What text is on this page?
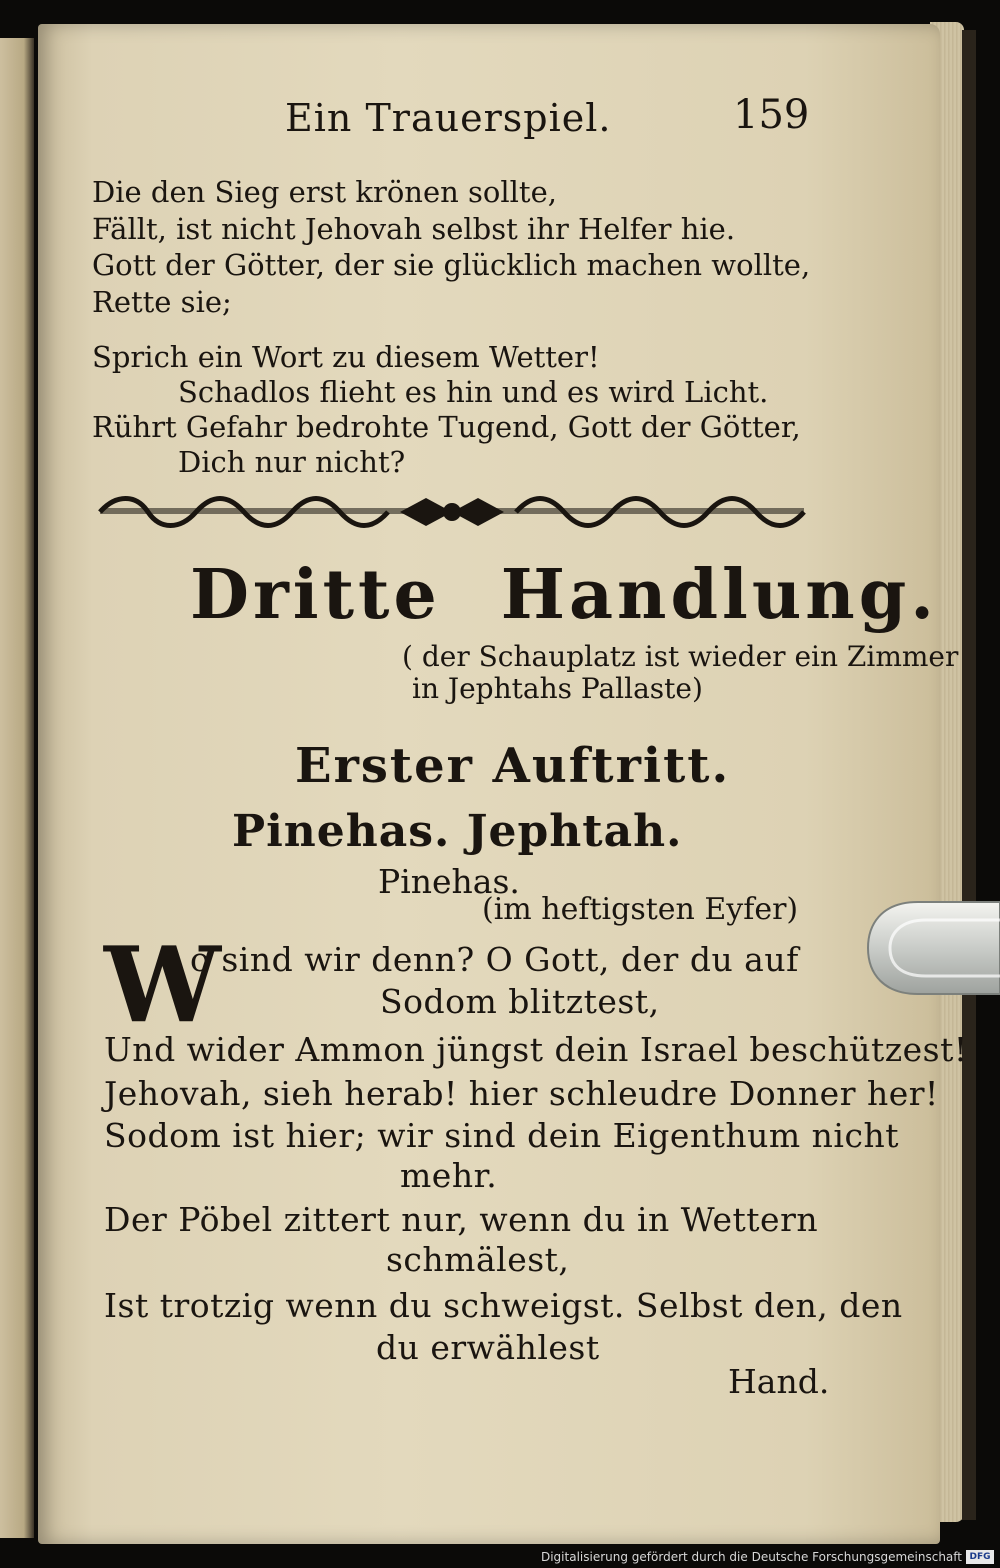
Ein Trauerspiel.	159
Die den Sieg erst krönen sollte,
Fällt, ist nicht Jehovah selbst ihr Helfer hie.
Gott der Götter, der sie glücklich machen wollte,
Rette sie;
Sprich ein Wort zu diesem Wetter!
Schadlos flieht es hin und es wird Licht.
Rührt Gefahr bedrohte Tugend, Gott der Götter,
Dich nur nicht?
Dritte Handlung.
( der Schauplatz ist wieder ein Zimmer
in Jephtahs Pallaste)
Erster Auftritt.
Pinehas. Jephtah.
Pinehas.
(im heftigsten Eyfer)
W
o sind wir denn? O Gott, der du auf
Sodom blitztest,
Und wider Ammon jüngst dein Israel beschützest!
Jehovah, sieh herab! hier schleudre Donner her!
Sodom ist hier; wir sind dein Eigenthum nicht
mehr.
Der Pöbel zittert nur, wenn du in Wettern
schmälest,
Ist trotzig wenn du schweigst. Selbst den, den
du erwählest
Hand.
Digitalisierung gefördert durch die Deutsche Forschungsgemeinschaft DFG
